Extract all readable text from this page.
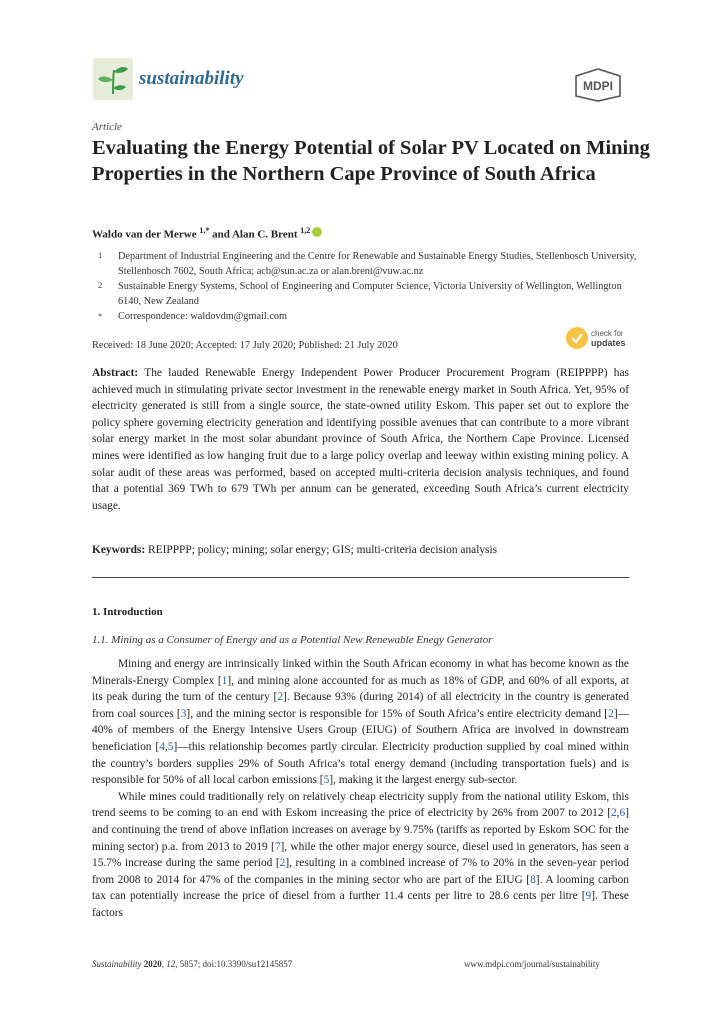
sustainability	MDPI
Article
Evaluating the Energy Potential of Solar PV Located on Mining Properties in the Northern Cape Province of South Africa
Waldo van der Merwe $^{1,*}$ and Alan C. Brent $^{1,2}$
1 Department of Industrial Engineering and the Centre for Renewable and Sustainable Energy Studies, Stellenbosch University, Stellenbosch 7602, South Africa; acb@sun.ac.za or alan.brent@vuw.ac.nz
2 Sustainable Energy Systems, School of Engineering and Computer Science, Victoria University of Wellington, Wellington 6140, New Zealand
* Correspondence: waldovdm@gmail.com
Received: 18 June 2020; Accepted: 17 July 2020; Published: 21 July 2020
check for
updates
Abstract: The lauded Renewable Energy Independent Power Producer Procurement Program (REIPPPP) has achieved much in stimulating private sector investment in the renewable energy market in South Africa. Yet, 95% of electricity generated is still from a single source, the state-owned utility Eskom. This paper set out to explore the policy sphere governing electricity generation and identifying possible avenues that can contribute to a more vibrant solar energy market in the most solar abundant province of South Africa, the Northern Cape Province. Licensed mines were identified as low hanging fruit due to a large policy overlap and leeway within existing mining policy. A solar audit of these areas was performed, based on accepted multi-criteria decision analysis techniques, and found that a potential 369 TWh to 679 TWh per annum can be generated, exceeding South Africa’s current electricity usage.
Keywords: REIPPPP; policy; mining; solar energy; GIS; multi-criteria decision analysis
1. Introduction
1.1. Mining as a Consumer of Energy and as a Potential New Renewable Enegy Generator

Mining and energy are intrinsically linked within the South African economy in what has become known as the Minerals-Energy Complex [1], and mining alone accounted for as much as 18% of GDP, and 60% of all exports, at its peak during the turn of the century [2]. Because 93% (during 2014) of all electricity in the country is generated from coal sources [3], and the mining sector is responsible for 15% of South Africa’s entire electricity demand [2]—40% of members of the Energy Intensive Users Group (EIUG) of Southern Africa are involved in downstream beneficiation [4,5]—this relationship becomes partly circular. Electricity production supplied by coal mined within the country’s borders supplies 29% of South Africa’s total energy demand (including transportation fuels) and is responsible for 50% of all local carbon emissions [5], making it the largest energy sub-sector.

While mines could traditionally rely on relatively cheap electricity supply from the national utility Eskom, this trend seems to be coming to an end with Eskom increasing the price of electricity by 26% from 2007 to 2012 [2,6] and continuing the trend of above inflation increases on average by 9.75% (tariffs as reported by Eskom SOC for the mining sector) p.a. from 2013 to 2019 [7], while the other major energy source, diesel used in generators, has seen a 15.7% increase during the same period [2], resulting in a combined increase of 7% to 20% in the seven-year period from 2008 to 2014 for 47% of the companies in the mining sector who are part of the EIUG [8]. A looming carbon tax can potentially increase the price of diesel from a further 11.4 cents per litre to 28.6 cents per litre [9]. These factors

Sustainability 2020, 12, 5857; doi:10.3390/su12145857	www.mdpi.com/journal/sustainability
